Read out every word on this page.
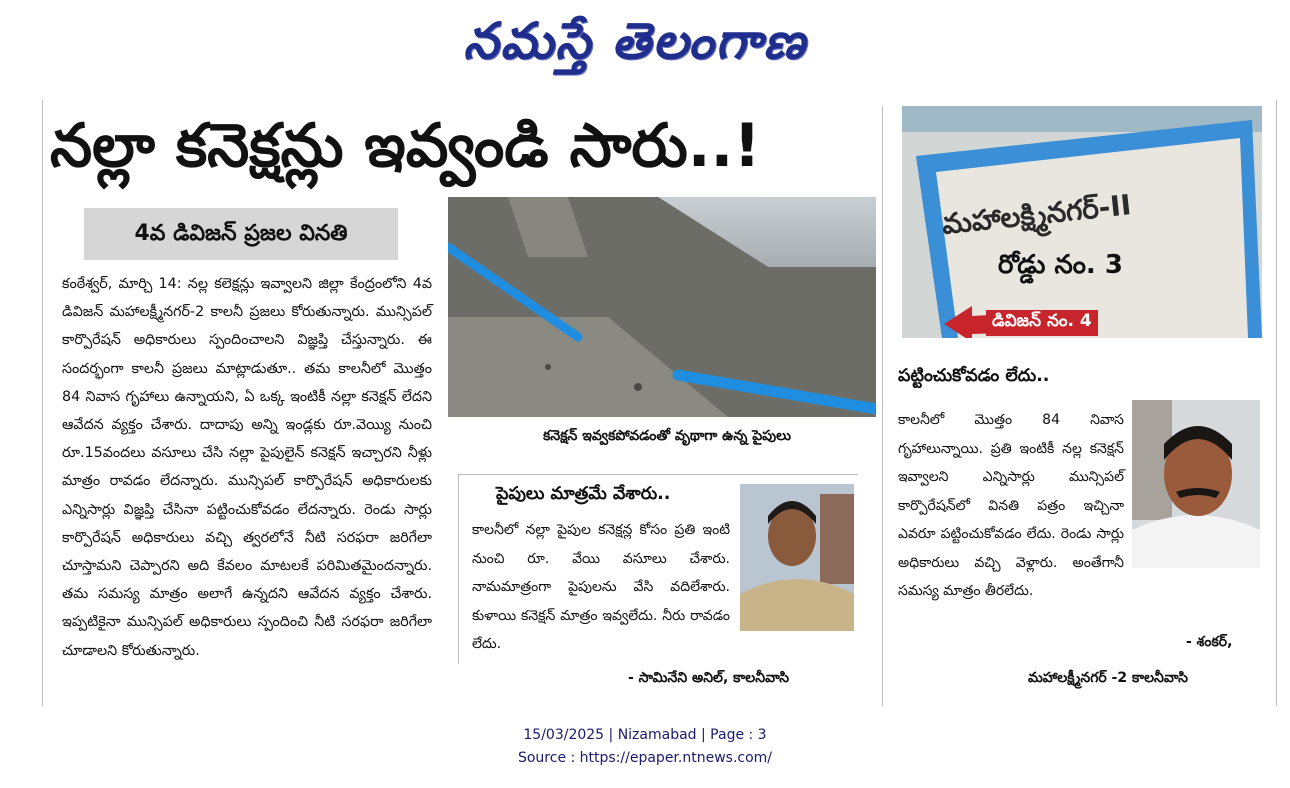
నమస్తే తెలంగాణ
నల్లా కనెక్షన్లు ఇవ్వండి సారు..!
4వ డివిజన్ ప్రజల వినతి
కంఠేశ్వర్, మార్చి 14: నల్ల కలెక్షన్లు ఇవ్వాలని జిల్లా కేంద్రంలోని 4వ డివిజన్ మహాలక్ష్మీనగర్-2 కాలనీ ప్రజలు కోరుతున్నారు. మున్సిపల్ కార్పొరేషన్ అధికారులు స్పందించాలని విజ్ఞప్తి చేస్తున్నారు. ఈ సందర్భంగా కాలనీ ప్రజలు మాట్లాడుతూ.. తమ కాలనీలో మొత్తం 84 నివాస గృహాలు ఉన్నాయని, ఏ ఒక్క ఇంటికీ నల్లా కనెక్షన్ లేదని ఆవేదన వ్యక్తం చేశారు. దాదాపు అన్ని ఇండ్లకు రూ.వెయ్యి నుంచి రూ.15వందలు వసూలు చేసి నల్లా పైపులైన్ కనెక్షన్ ఇచ్చారని నీళ్లు మాత్రం రావడం లేదన్నారు. మున్సిపల్ కార్పొరేషన్ అధికారులకు ఎన్నిసార్లు విజ్ఞప్తి చేసినా పట్టించుకోవడం లేదన్నారు. రెండు సార్లు కార్పొరేషన్ అధికారులు వచ్చి త్వరలోనే నీటి సరఫరా జరిగేలా చూస్తామని చెప్పారని అది కేవలం మాటలకే పరిమితమైందన్నారు. తమ సమస్య మాత్రం అలాగే ఉన్నదని ఆవేదన వ్యక్తం చేశారు. ఇప్పటికైనా మున్సిపల్ అధికారులు స్పందించి నీటి సరఫరా జరిగేలా చూడాలని కోరుతున్నారు.
కనెక్షన్ ఇవ్వకపోవడంతో వృథాగా ఉన్న పైపులు
మహాలక్ష్మినగర్-II
రోడ్డు నం. 3
డివిజన్ నం. 4
పైపులు మాత్రమే వేశారు..
కాలనీలో నల్లా పైపుల కనెక్షన్ల కోసం ప్రతి ఇంటి నుంచి రూ. వేయి వసూలు చేశారు. నామమాత్రంగా పైపులను వేసి వదిలేశారు. కుళాయి కనెక్షన్ మాత్రం ఇవ్వలేదు. నీరు రావడం లేదు.
- సామినేని అనిల్, కాలనీవాసి
పట్టించుకోవడం లేదు..
కాలనీలో మొత్తం 84 నివాస గృహాలున్నాయి. ప్రతి ఇంటికీ నల్ల కనెక్షన్ ఇవ్వాలని ఎన్నిసార్లు మున్సిపల్ కార్పొరేషన్‌లో వినతి పత్రం ఇచ్చినా ఎవరూ పట్టించుకోవడం లేదు. రెండు సార్లు అధికారులు వచ్చి వెళ్లారు. అంతేగానీ సమస్య మాత్రం తీరలేదు.
- శంకర్,
మహాలక్ష్మీనగర్ -2 కాలనీవాసి
15/03/2025 | Nizamabad | Page : 3
Source : https://epaper.ntnews.com/
